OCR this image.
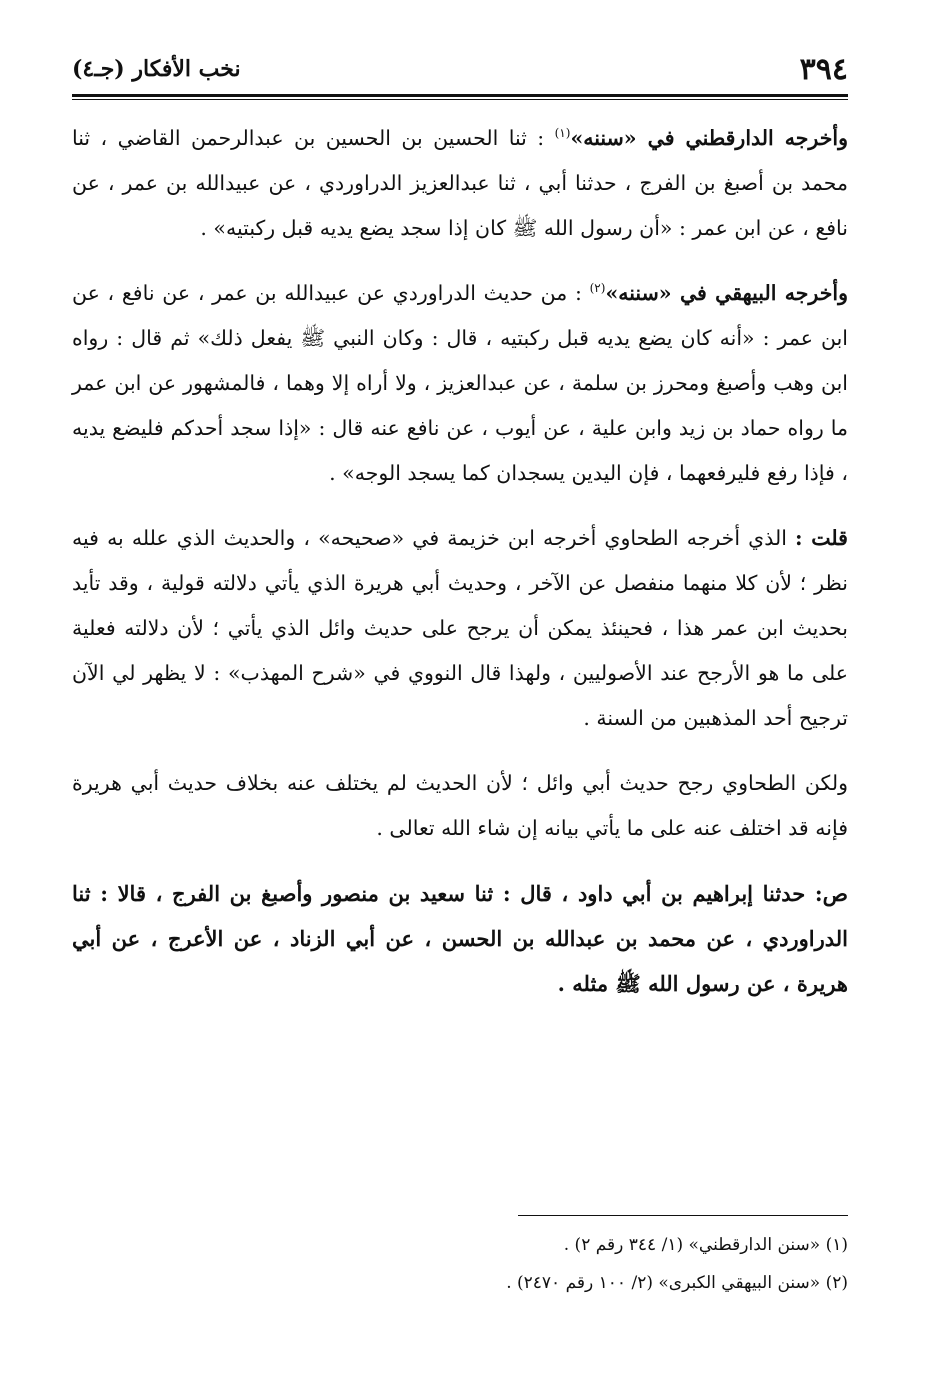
٣٩٤
نخب الأفكار (جـ٤)

وأخرجه الدارقطني في «سننه»$^{(١)}$ : ثنا الحسين بن الحسين بن عبدالرحمن القاضي ، ثنا محمد بن أصبغ بن الفرج ، حدثنا أبي ، ثنا عبدالعزيز الدراوردي ، عن عبيدالله بن عمر ، عن نافع ، عن ابن عمر : «أن رسول الله ﷺ كان إذا سجد يضع يديه قبل ركبتيه» .

وأخرجه البيهقي في «سننه»$^{(٢)}$ : من حديث الدراوردي عن عبيدالله بن عمر ، عن نافع ، عن ابن عمر : «أنه كان يضع يديه قبل ركبتيه ، قال : وكان النبي ﷺ يفعل ذلك» ثم قال : رواه ابن وهب وأصبغ ومحرز بن سلمة ، عن عبدالعزيز ، ولا أراه إلا وهما ، فالمشهور عن ابن عمر ما رواه حماد بن زيد وابن علية ، عن أيوب ، عن نافع عنه قال : «إذا سجد أحدكم فليضع يديه ، فإذا رفع فليرفعهما ، فإن اليدين يسجدان كما يسجد الوجه» .

قلت : الذي أخرجه الطحاوي أخرجه ابن خزيمة في «صحيحه» ، والحديث الذي علله به فيه نظر ؛ لأن كلا منهما منفصل عن الآخر ، وحديث أبي هريرة الذي يأتي دلالته قولية ، وقد تأيد بحديث ابن عمر هذا ، فحينئذ يمكن أن يرجح على حديث وائل الذي يأتي ؛ لأن دلالته فعلية على ما هو الأرجح عند الأصوليين ، ولهذا قال النووي في «شرح المهذب» : لا يظهر لي الآن ترجيح أحد المذهبين من السنة .

ولكن الطحاوي رجح حديث أبي وائل ؛ لأن الحديث لم يختلف عنه بخلاف حديث أبي هريرة فإنه قد اختلف عنه على ما يأتي بيانه إن شاء الله تعالى .

ص: حدثنا إبراهيم بن أبي داود ، قال : ثنا سعيد بن منصور وأصبغ بن الفرج ، قالا : ثنا الدراوردي ، عن محمد بن عبدالله بن الحسن ، عن أبي الزناد ، عن الأعرج ، عن أبي هريرة ، عن رسول الله ﷺ مثله .

(١) «سنن الدارقطني» (١/ ٣٤٤ رقم ٢) .

(٢) «سنن البيهقي الكبرى» (٢/ ١٠٠ رقم ٢٤٧٠) .
